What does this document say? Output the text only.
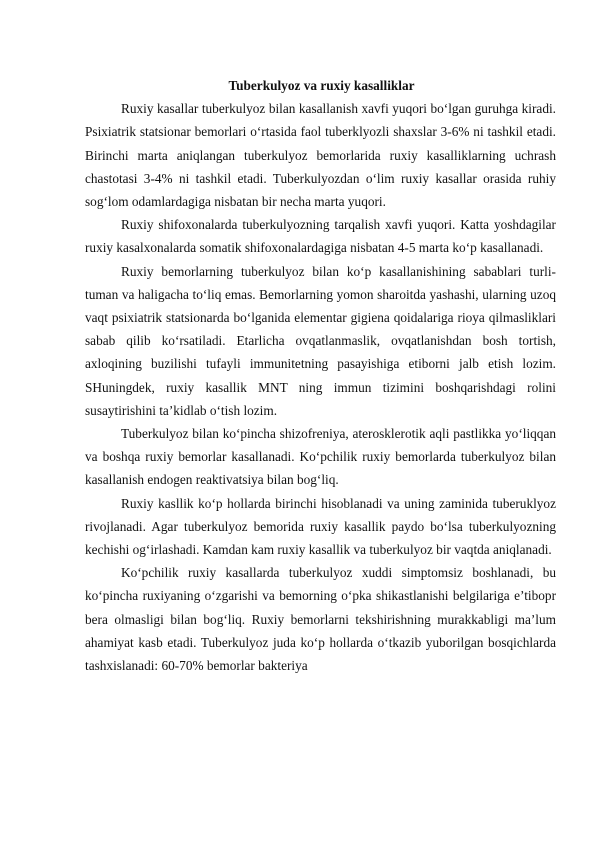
Tuberkulyoz va ruxiy kasalliklar

Ruxiy kasallar tuberkulyoz bilan kasallanish xavfi yuqori bo‘lgan guruhga kiradi. Psixiatrik statsionar bemorlari o‘rtasida faol tuberklyozli shaxslar 3-6% ni tashkil etadi. Birinchi marta aniqlangan tuberkulyoz bemorlarida ruxiy kasalliklarning uchrash chastotasi 3-4% ni tashkil etadi. Tuberkulyozdan o‘lim ruxiy kasallar orasida ruhiy sog‘lom odamlardagiga nisbatan bir necha marta yuqori.

Ruxiy shifoxonalarda tuberkulyozning tarqalish xavfi yuqori. Katta yoshdagilar ruxiy kasalxonalarda somatik shifoxonalardagiga nisbatan 4-5 marta ko‘p kasallanadi.

Ruxiy bemorlarning tuberkulyoz bilan ko‘p kasallanishining sabablari turli-tuman va haligacha to‘liq emas. Bemorlarning yomon sharoitda yashashi, ularning uzoq vaqt psixiatrik statsionarda bo‘lganida elementar gigiena qoidalariga rioya qilmasliklari sabab qilib ko‘rsatiladi. Etarlicha ovqatlanmaslik, ovqatlanishdan bosh tortish, axloqining buzilishi tufayli immunitetning pasayishiga etiborni jalb etish lozim. SHuningdek, ruxiy kasallik MNT ning immun tizimini boshqarishdagi rolini susaytirishini ta’kidlab o‘tish lozim.

Tuberkulyoz bilan ko‘pincha shizofreniya, aterosklerotik aqli pastlikka yo‘liqqan va boshqa ruxiy bemorlar kasallanadi. Ko‘pchilik ruxiy bemorlarda tuberkulyoz bilan kasallanish endogen reaktivatsiya bilan bog‘liq.

Ruxiy kasllik ko‘p hollarda birinchi hisoblanadi va uning zaminida tuberuklyoz rivojlanadi. Agar tuberkulyoz bemorida ruxiy kasallik paydo bo‘lsa tuberkulyozning kechishi og‘irlashadi. Kamdan kam ruxiy kasallik va tuberkulyoz bir vaqtda aniqlanadi.

Ko‘pchilik ruxiy kasallarda tuberkulyoz xuddi simptomsiz boshlanadi, bu ko‘pincha ruxiyaning o‘zgarishi va bemorning o‘pka shikastlanishi belgilariga e’tibopr bera olmasligi bilan bog‘liq. Ruxiy bemorlarni tekshirishning murakkabligi ma’lum ahamiyat kasb etadi. Tuberkulyoz juda ko‘p hollarda o‘tkazib yuborilgan bosqichlarda tashxislanadi: 60-70% bemorlar bakteriya
